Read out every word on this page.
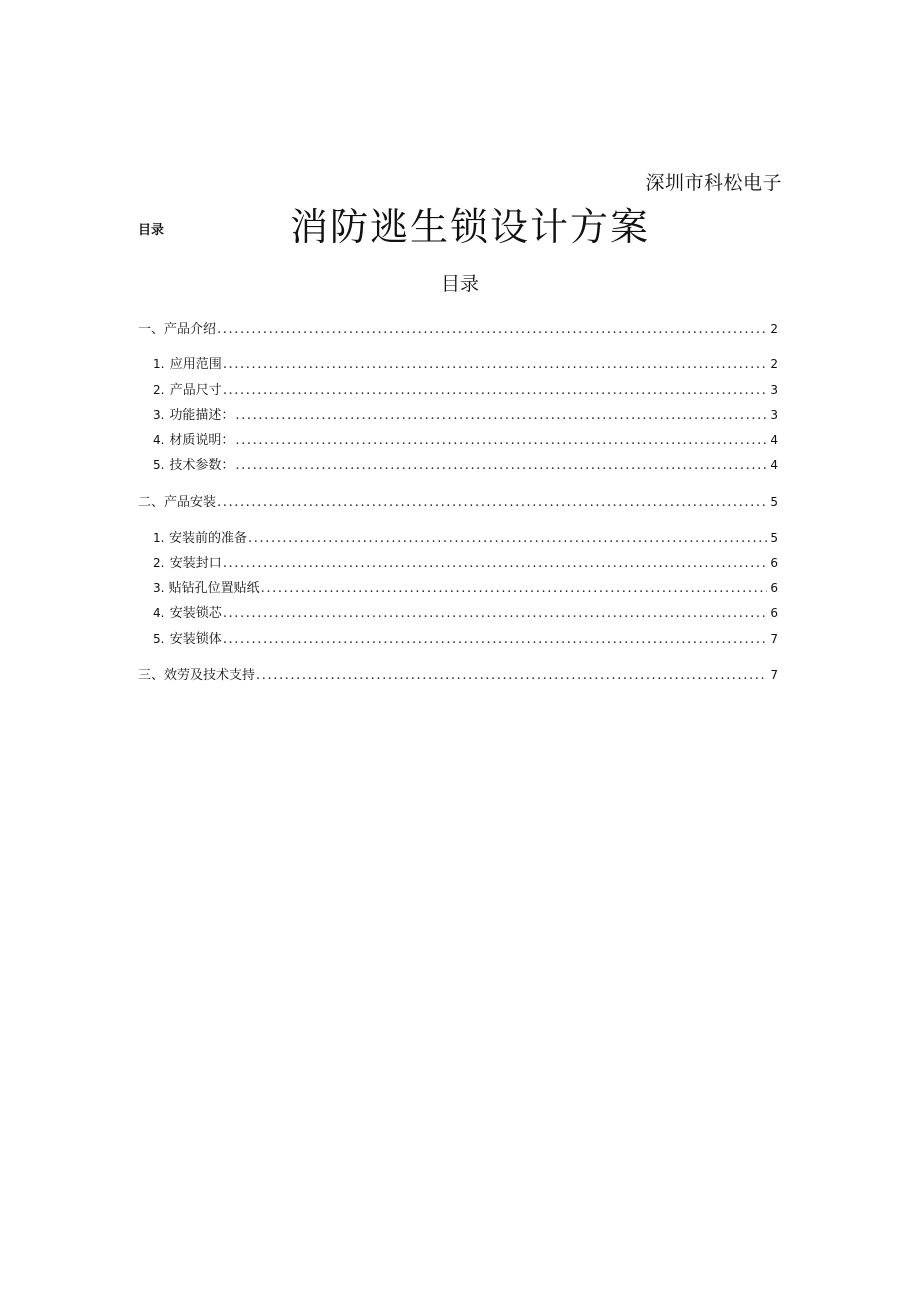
深圳市科松电子
目录	消防逃生锁设计方案
目录
一、产品介绍 .....	2
1. 应用范围 .....	2
2. 产品尺寸 .....	3
3. 功能描述： .....	3
4. 材质说明： .....	4
5. 技术参数： .....	4
二、产品安装 .....	5
1. 安装前的准备 .....	5
2. 安装封口 .....	6
3. 贴钻孔位置贴纸 .....	6
4. 安装锁芯 .....	6
5. 安装锁体 .....	7
三、效劳及技术支持 .....	7
